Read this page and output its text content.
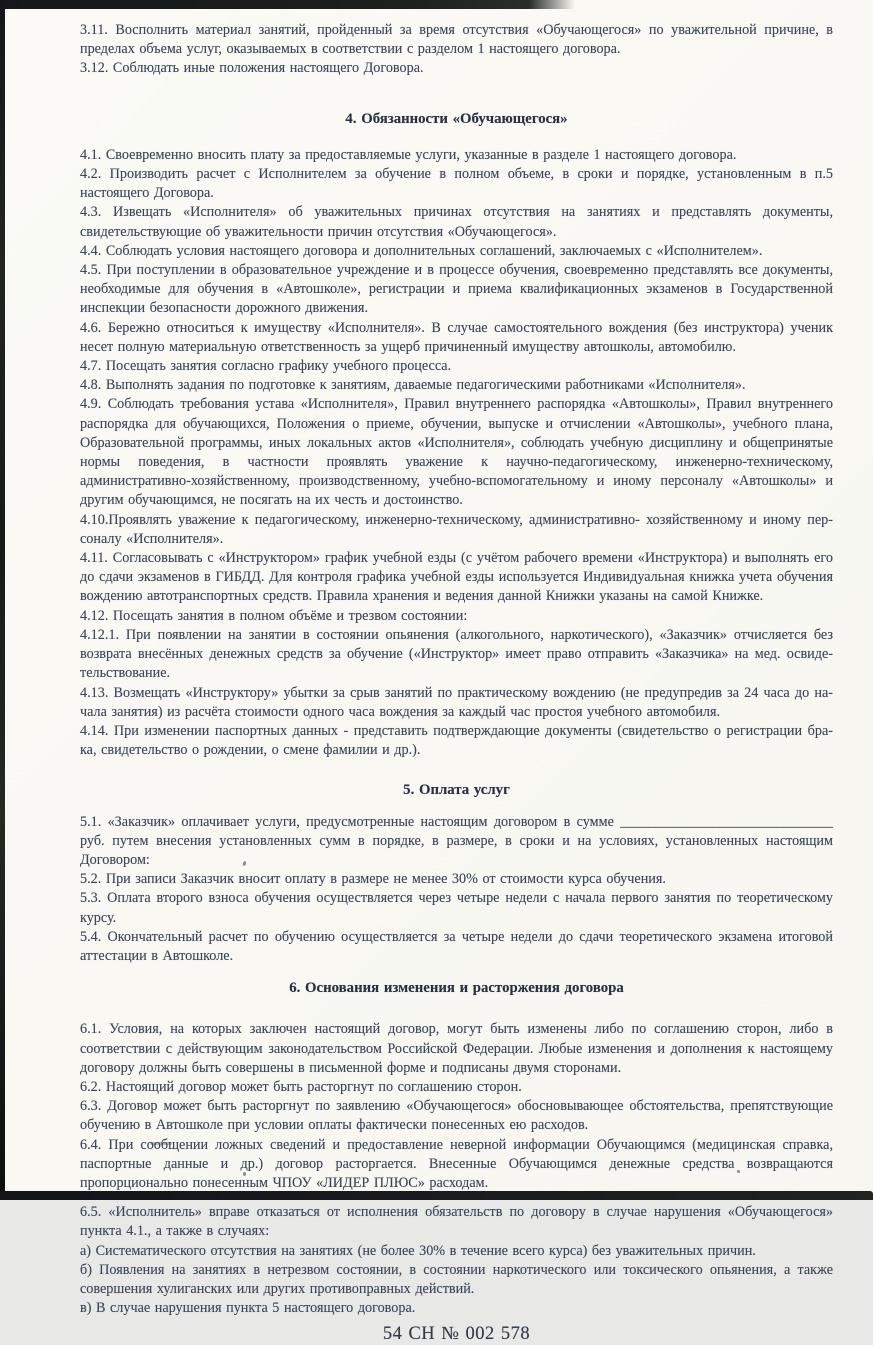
3.11. Восполнить материал занятий, пройденный за время отсутствия «Обучающегося» по уважительной причине, в пределах объема услуг, оказываемых в соответствии с разделом 1 настоящего договора.

3.12. Соблюдать иные положения настоящего Договора.

4. Обязанности «Обучающегося»

4.1. Своевременно вносить плату за предоставляемые услуги, указанные в разделе 1 настоящего договора.

4.2. Производить расчет с Исполнителем за обучение в полном объеме, в сроки и порядке, установленным в п.5 настоящего Договора.

4.3. Извещать «Исполнителя» об уважительных причинах отсутствия на занятиях и представлять документы, свидетельствующие об уважительности причин отсутствия «Обучающегося».

4.4. Соблюдать условия настоящего договора и дополнительных соглашений, заключаемых с «Исполнителем».

4.5. При поступлении в образовательное учреждение и в процессе обучения, своевременно представлять все документы, необходимые для обучения в «Автошколе», регистрации и приема квалификационных экзаменов в Государственной инспекции безопасности дорожного движения.

4.6. Бережно относиться к имуществу «Исполнителя». В случае самостоятельного вождения (без инструктора) ученик несет полную материальную ответственность за ущерб причиненный имуществу автошколы, автомобилю.

4.7. Посещать занятия согласно графику учебного процесса.

4.8. Выполнять задания по подготовке к занятиям, даваемые педагогическими работниками «Исполнителя».

4.9. Соблюдать требования устава «Исполнителя», Правил внутреннего распорядка «Автошколы», Правил внутреннего распорядка для обучающихся, Положения о приеме, обучении, выпуске и отчислении «Автошколы», учебного плана, Образовательной программы, иных локальных актов «Исполнителя», соблюдать учебную дисциплину и общепринятые нормы поведения, в частности проявлять уважение к научно-педагогическому, инженерно-техническому, административно-хозяйственному, производственному, учебно-вспомогательному и иному персоналу «Автошколы» и другим обучающимся, не посягать на их честь и достоинство.

4.10.Проявлять уважение к педагогическому, инженерно-техническому, административно- хозяйственному и иному пер-соналу «Исполнителя».

4.11. Согласовывать с «Инструктором» график учебной езды (с учётом рабочего времени «Инструктора) и выполнять его до сдачи экзаменов в ГИБДД. Для контроля графика учебной езды используется Индивидуальная книжка учета обучения вождению автотранспортных средств. Правила хранения и ведения данной Книжки указаны на самой Книжке.

4.12. Посещать занятия в полном объёме и трезвом состоянии:

4.12.1. При появлении на занятии в состоянии опьянения (алкогольного, наркотического), «Заказчик» отчисляется без возврата внесённых денежных средств за обучение («Инструктор» имеет право отправить «Заказчика» на мед. освиде-тельствование.

4.13. Возмещать «Инструктору» убытки за срыв занятий по практическому вождению (не предупредив за 24 часа до на-чала занятия) из расчёта стоимости одного часа вождения за каждый час простоя учебного автомобиля.

4.14. При изменении паспортных данных - представить подтверждающие документы (свидетельство о регистрации бра-ка, свидетельство о рождении, о смене фамилии и др.).

5. Оплата услуг

5.1. «Заказчик» оплачивает услуги, предусмотренные настоящим договором в сумме ______________________________ руб. путем внесения установленных сумм в порядке, в размере, в сроки и на условиях, установленных настоящим Договором:

5.2. При записи Заказчик вносит оплату в размере не менее 30% от стоимости курса обучения.

5.3. Оплата второго взноса обучения осуществляется через четыре недели с начала первого занятия по теоретическому курсу.

5.4. Окончательный расчет по обучению осуществляется за четыре недели до сдачи теоретического экзамена итоговой аттестации в Автошколе.

6. Основания изменения и расторжения договора

6.1. Условия, на которых заключен настоящий договор, могут быть изменены либо по соглашению сторон, либо в соответствии с действующим законодательством Российской Федерации. Любые изменения и дополнения к настоящему договору должны быть совершены в письменной форме и подписаны двумя сторонами.

6.2. Настоящий договор может быть расторгнут по соглашению сторон.

6.3. Договор может быть расторгнут по заявлению «Обучающегося» обосновывающее обстоятельства, препятствующие обучению в Автошколе при условии оплаты фактически понесенных ею расходов.

6.4. При сообщении ложных сведений и предоставление неверной информации Обучающимся (медицинская справка, паспортные данные и др.) договор расторгается. Внесенные Обучающимся денежные средства возвращаются пропорционально понесенным ЧПОУ «ЛИДЕР ПЛЮС» расходам.

6.5. «Исполнитель» вправе отказаться от исполнения обязательств по договору в случае нарушения «Обучающегося» пункта 4.1., а также в случаях:

а) Систематического отсутствия на занятиях (не более 30% в течение всего курса) без уважительных причин.

б) Появления на занятиях в нетрезвом состоянии, в состоянии наркотического или токсического опьянения, а также совершения хулиганских или других противоправных действий.

в) В случае нарушения пункта 5 настоящего договора.

54 СН № 002 578
